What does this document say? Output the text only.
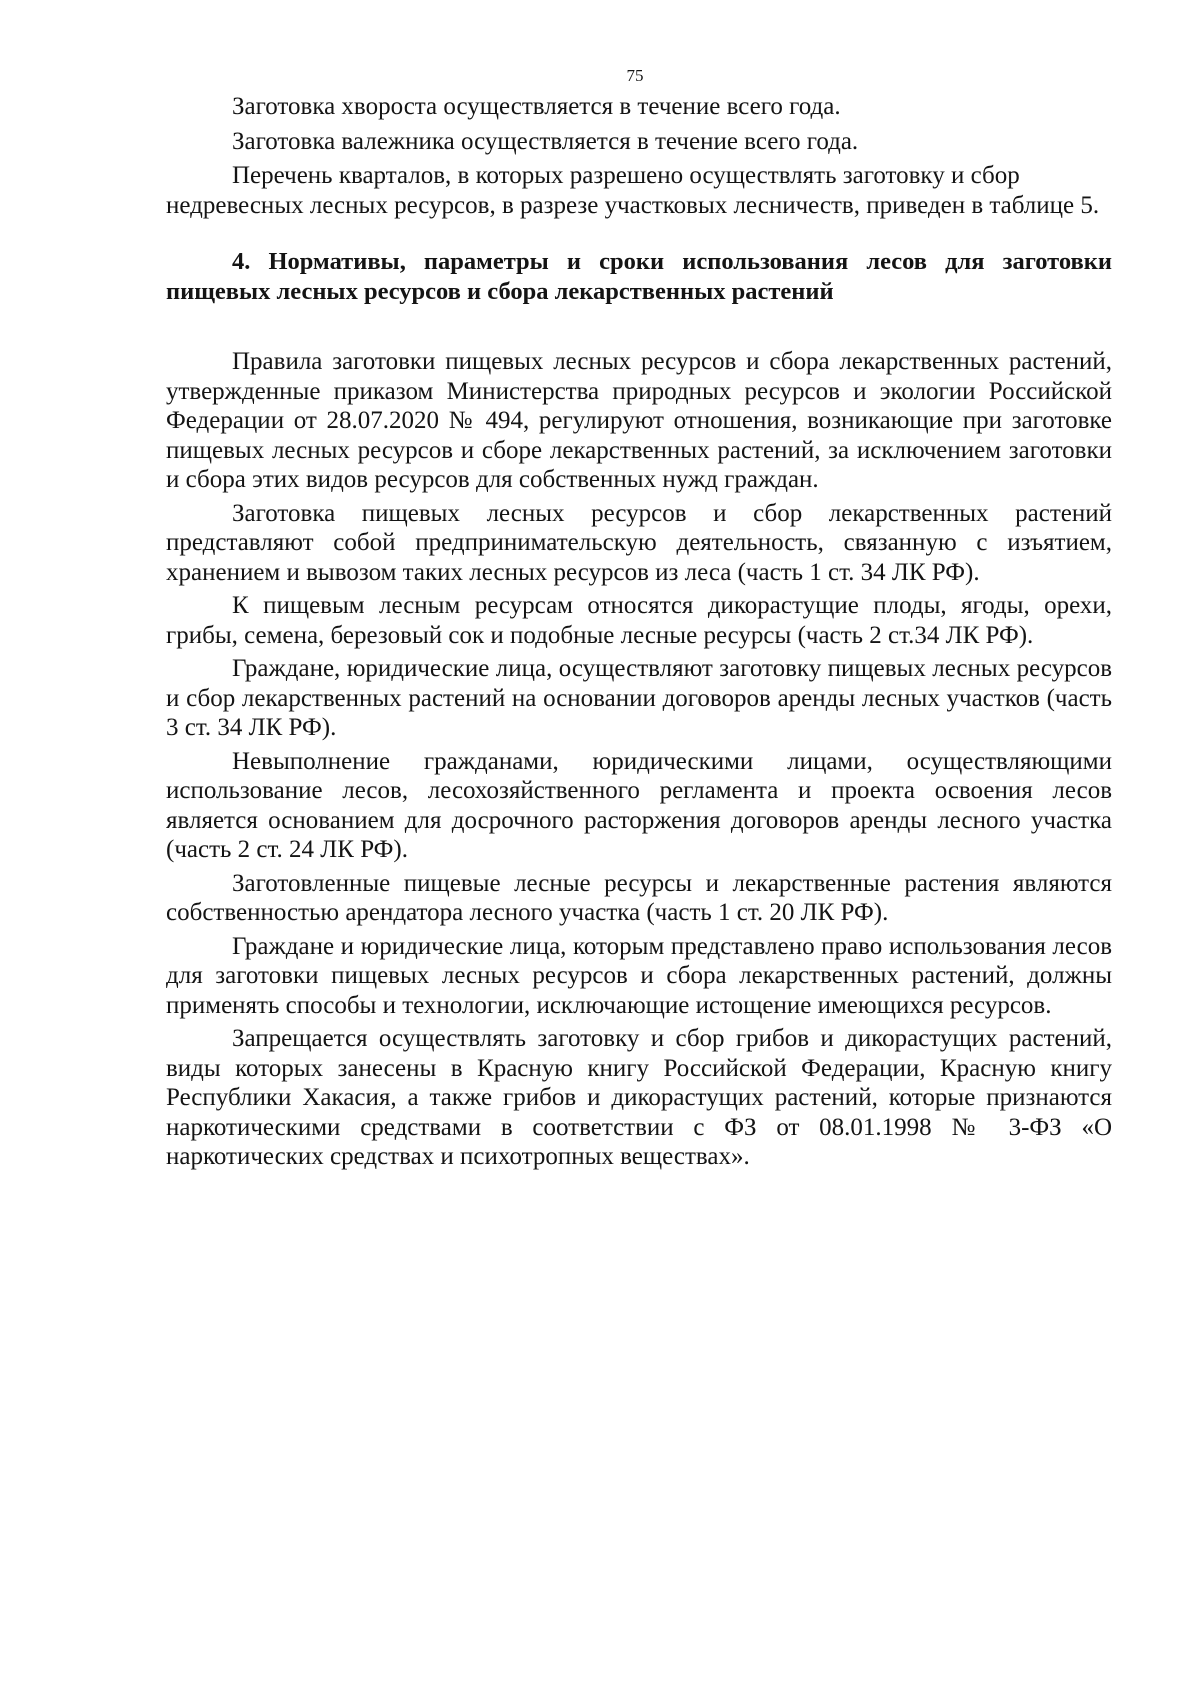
75

Заготовка хвороста осуществляется в течение всего года.

Заготовка валежника осуществляется в течение всего года.

Перечень кварталов, в которых разрешено осуществлять заготовку и сбор недревесных лесных ресурсов, в разрезе участковых лесничеств, приведен в таблице 5.

4. Нормативы, параметры и сроки использования лесов для заготовки пищевых лесных ресурсов и сбора лекарственных растений

Правила заготовки пищевых лесных ресурсов и сбора лекарственных растений, утвержденные приказом Министерства природных ресурсов и экологии Российской Федерации от 28.07.2020 № 494, регулируют отношения, возникающие при заготовке пищевых лесных ресурсов и сборе лекарственных растений, за исключением заготовки и сбора этих видов ресурсов для собственных нужд граждан.

Заготовка пищевых лесных ресурсов и сбор лекарственных растений представляют собой предпринимательскую деятельность, связанную с изъятием, хранением и вывозом таких лесных ресурсов из леса (часть 1 ст. 34 ЛК РФ).

К пищевым лесным ресурсам относятся дикорастущие плоды, ягоды, орехи, грибы, семена, березовый сок и подобные лесные ресурсы (часть 2 ст.34 ЛК РФ).

Граждане, юридические лица, осуществляют заготовку пищевых лесных ресурсов и сбор лекарственных растений на основании договоров аренды лесных участков (часть 3 ст. 34 ЛК РФ).

Невыполнение гражданами, юридическими лицами, осуществляющими использование лесов, лесохозяйственного регламента и проекта освоения лесов является основанием для досрочного расторжения договоров аренды лесного участка (часть 2 ст. 24 ЛК РФ).

Заготовленные пищевые лесные ресурсы и лекарственные растения являются собственностью арендатора лесного участка (часть 1 ст. 20 ЛК РФ).

Граждане и юридические лица, которым представлено право использования лесов для заготовки пищевых лесных ресурсов и сбора лекарственных растений, должны применять способы и технологии, исключающие истощение имеющихся ресурсов.

Запрещается осуществлять заготовку и сбор грибов и дикорастущих растений, виды которых занесены в Красную книгу Российской Федерации, Красную книгу Республики Хакасия, а также грибов и дикорастущих растений, которые признаются наркотическими средствами в соответствии с ФЗ от 08.01.1998 № 3-ФЗ «О наркотических средствах и психотропных веществах».
